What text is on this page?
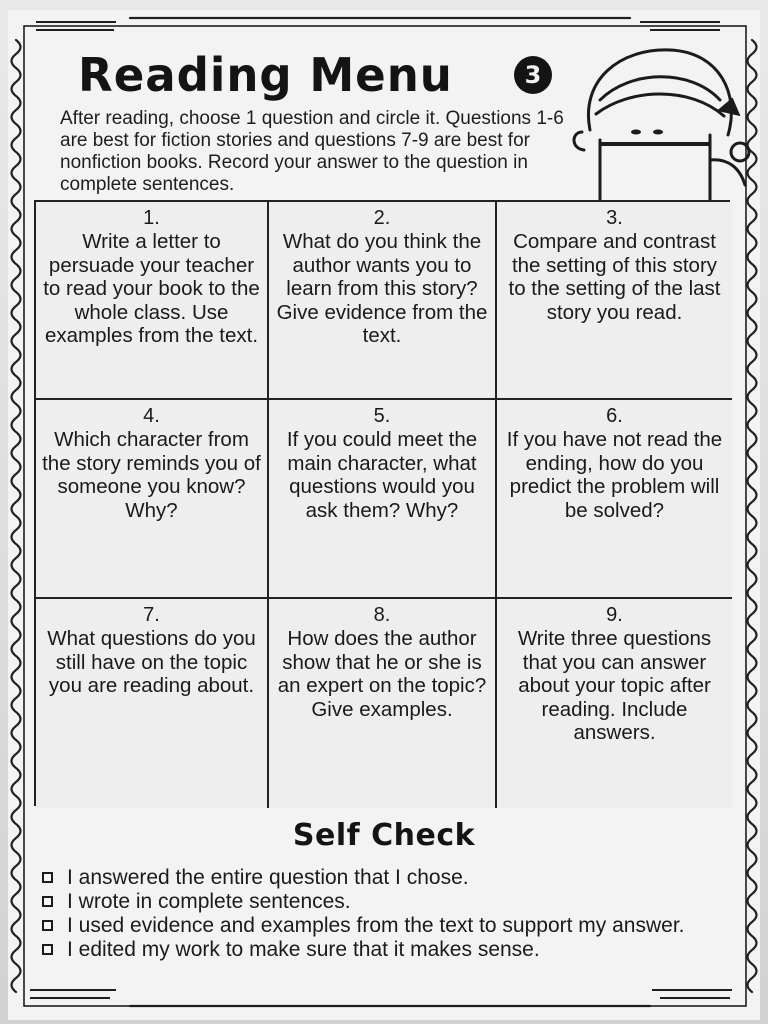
Reading Menu	3
After reading, choose 1 question and circle it. Questions 1-6 are best for fiction stories and questions 7-9 are best for nonfiction books. Record your answer to the question in complete sentences.
1.
Write a letter to persuade your teacher to read your book to the whole class. Use examples from the text.
2.
What do you think the author wants you to learn from this story? Give evidence from the text.
3.
Compare and contrast the setting of this story to the setting of the last story you read.
4.
Which character from the story reminds you of someone you know? Why?
5.
If you could meet the main character, what questions would you ask them? Why?
6.
If you have not read the ending, how do you predict the problem will be solved?
7.
What questions do you still have on the topic you are reading about.
8.
How does the author show that he or she is an expert on the topic? Give examples.
9.
Write three questions that you can answer about your topic after reading. Include answers.
Self Check
I answered the entire question that I chose.
I wrote in complete sentences.
I used evidence and examples from the text to support my answer.
I edited my work to make sure that it makes sense.
